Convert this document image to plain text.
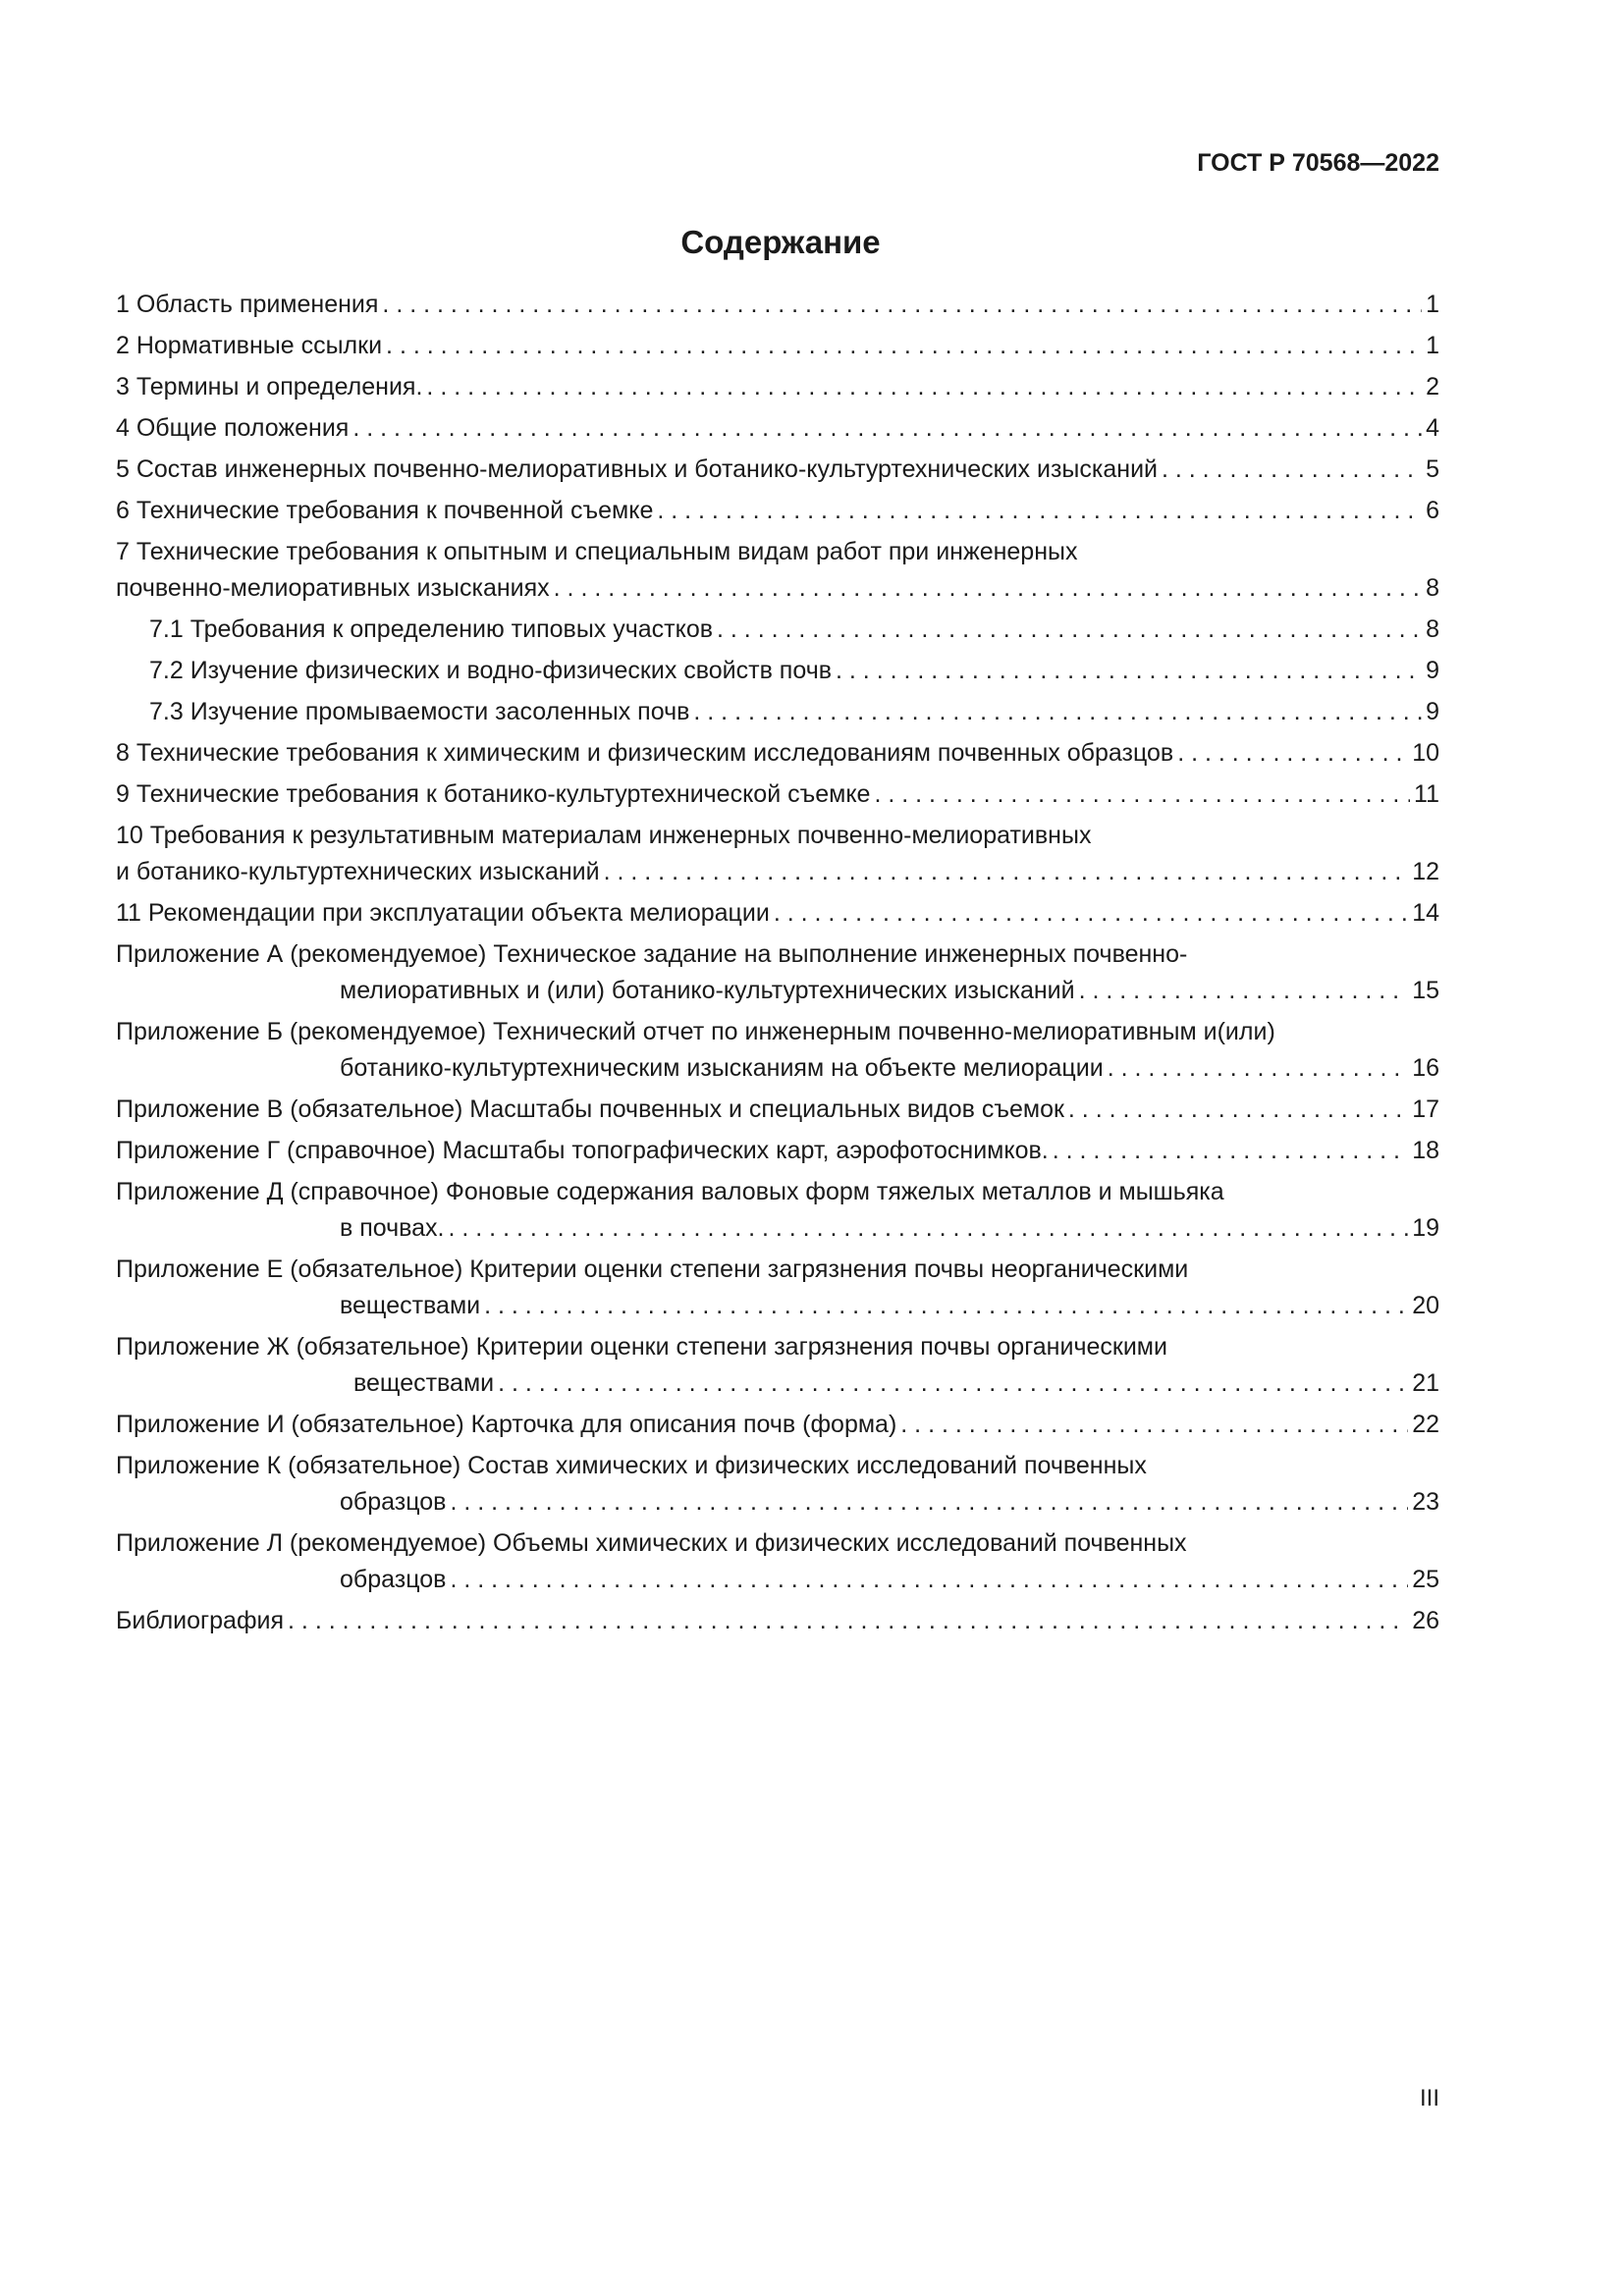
ГОСТ Р 70568—2022
Содержание
1 Область применения . . .	1
2 Нормативные ссылки . . .	1
3 Термины и определения. . . .	2
4 Общие положения . . .	4
5 Состав инженерных почвенно-мелиоративных и ботанико-культуртехнических изысканий . . .	5
6 Технические требования к почвенной съемке . . .	6
7 Технические требования к опытным и специальным видам работ при инженерных
почвенно-мелиоративных изысканиях . . .	8
7.1 Требования к определению типовых участков . . .	8
7.2 Изучение физических и водно-физических свойств почв . . .	9
7.3 Изучение промываемости засоленных почв . . .	9
8 Технические требования к химическим и физическим исследованиям почвенных образцов . . .	10
9 Технические требования к ботанико-культуртехнической съемке . . .	11
10 Требования к результативным материалам инженерных почвенно-мелиоративных
и ботанико-культуртехнических изысканий . . .	12
11 Рекомендации при эксплуатации объекта мелиорации . . .	14
Приложение А (рекомендуемое) Техническое задание на выполнение инженерных почвенно-
мелиоративных и (или) ботанико-культуртехнических изысканий . . .	15
Приложение Б (рекомендуемое) Технический отчет по инженерным почвенно-мелиоративным и(или)
ботанико-культуртехническим изысканиям на объекте мелиорации . . .	16
Приложение В (обязательное) Масштабы почвенных и специальных видов съемок . . .	17
Приложение Г (справочное) Масштабы топографических карт, аэрофотоснимков. . . .	18
Приложение Д (справочное) Фоновые содержания валовых форм тяжелых металлов и мышьяка
в почвах. . . .	19
Приложение Е (обязательное) Критерии оценки степени загрязнения почвы неорганическими
веществами . . .	20
Приложение Ж (обязательное) Критерии оценки степени загрязнения почвы органическими
веществами . . .	21
Приложение И (обязательное) Карточка для описания почв (форма) . . .	22
Приложение К (обязательное) Состав химических и физических исследований почвенных
образцов . . .	23
Приложение Л (рекомендуемое) Объемы химических и физических исследований почвенных
образцов . . .	25
Библиография . . .	26
III
